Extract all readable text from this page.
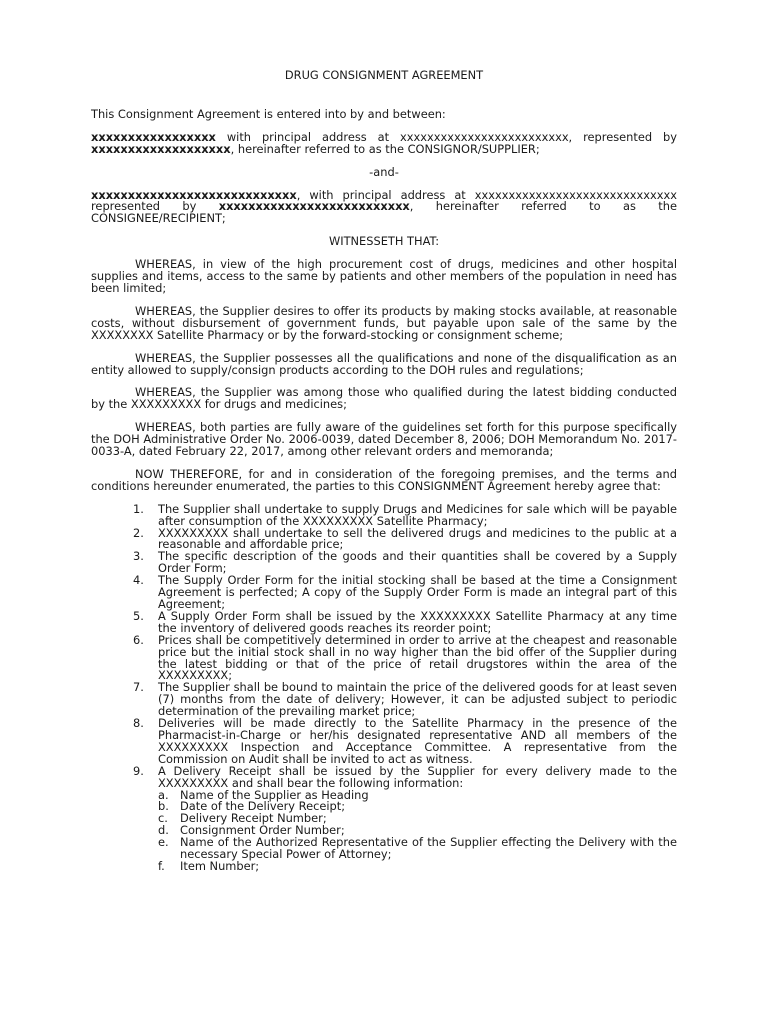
DRUG CONSIGNMENT AGREEMENT
This Consignment Agreement is entered into by and between:
xxxxxxxxxxxxxxxxx with principal address at xxxxxxxxxxxxxxxxxxxxxxxxx, represented by xxxxxxxxxxxxxxxxxxx, hereinafter referred to as the CONSIGNOR/SUPPLIER;
-and-
xxxxxxxxxxxxxxxxxxxxxxxxxxxx, with principal address at xxxxxxxxxxxxxxxxxxxxxxxxxxxxxx represented by xxxxxxxxxxxxxxxxxxxxxxxxxx, hereinafter referred to as the CONSIGNEE/RECIPIENT;
WITNESSETH THAT:
WHEREAS, in view of the high procurement cost of drugs, medicines and other hospital supplies and items, access to the same by patients and other members of the population in need has been limited;
WHEREAS, the Supplier desires to offer its products by making stocks available, at reasonable costs, without disbursement of government funds, but payable upon sale of the same by the XXXXXXXX Satellite Pharmacy or by the forward-stocking or consignment scheme;
WHEREAS, the Supplier possesses all the qualifications and none of the disqualification as an entity allowed to supply/consign products according to the DOH rules and regulations;
WHEREAS, the Supplier was among those who qualified during the latest bidding conducted by the XXXXXXXXX for drugs and medicines;
WHEREAS, both parties are fully aware of the guidelines set forth for this purpose specifically the DOH Administrative Order No. 2006-0039, dated December 8, 2006; DOH Memorandum No. 2017-0033-A, dated February 22, 2017, among other relevant orders and memoranda;
NOW THEREFORE, for and in consideration of the foregoing premises, and the terms and conditions hereunder enumerated, the parties to this CONSIGNMENT Agreement hereby agree that:
1. The Supplier shall undertake to supply Drugs and Medicines for sale which will be payable after consumption of the XXXXXXXXX Satellite Pharmacy;
2. XXXXXXXXX shall undertake to sell the delivered drugs and medicines to the public at a reasonable and affordable price;
3. The specific description of the goods and their quantities shall be covered by a Supply Order Form;
4. The Supply Order Form for the initial stocking shall be based at the time a Consignment Agreement is perfected; A copy of the Supply Order Form is made an integral part of this Agreement;
5. A Supply Order Form shall be issued by the XXXXXXXXX Satellite Pharmacy at any time the inventory of delivered goods reaches its reorder point;
6. Prices shall be competitively determined in order to arrive at the cheapest and reasonable price but the initial stock shall in no way higher than the bid offer of the Supplier during the latest bidding or that of the price of retail drugstores within the area of the XXXXXXXXX;
7. The Supplier shall be bound to maintain the price of the delivered goods for at least seven (7) months from the date of delivery; However, it can be adjusted subject to periodic determination of the prevailing market price;
8. Deliveries will be made directly to the Satellite Pharmacy in the presence of the Pharmacist-in-Charge or her/his designated representative AND all members of the XXXXXXXXX Inspection and Acceptance Committee. A representative from the Commission on Audit shall be invited to act as witness.
9. A Delivery Receipt shall be issued by the Supplier for every delivery made to the XXXXXXXXX and shall bear the following information:
a. Name of the Supplier as Heading
b. Date of the Delivery Receipt;
c. Delivery Receipt Number;
d. Consignment Order Number;
e. Name of the Authorized Representative of the Supplier effecting the Delivery with the necessary Special Power of Attorney;
f. Item Number;
